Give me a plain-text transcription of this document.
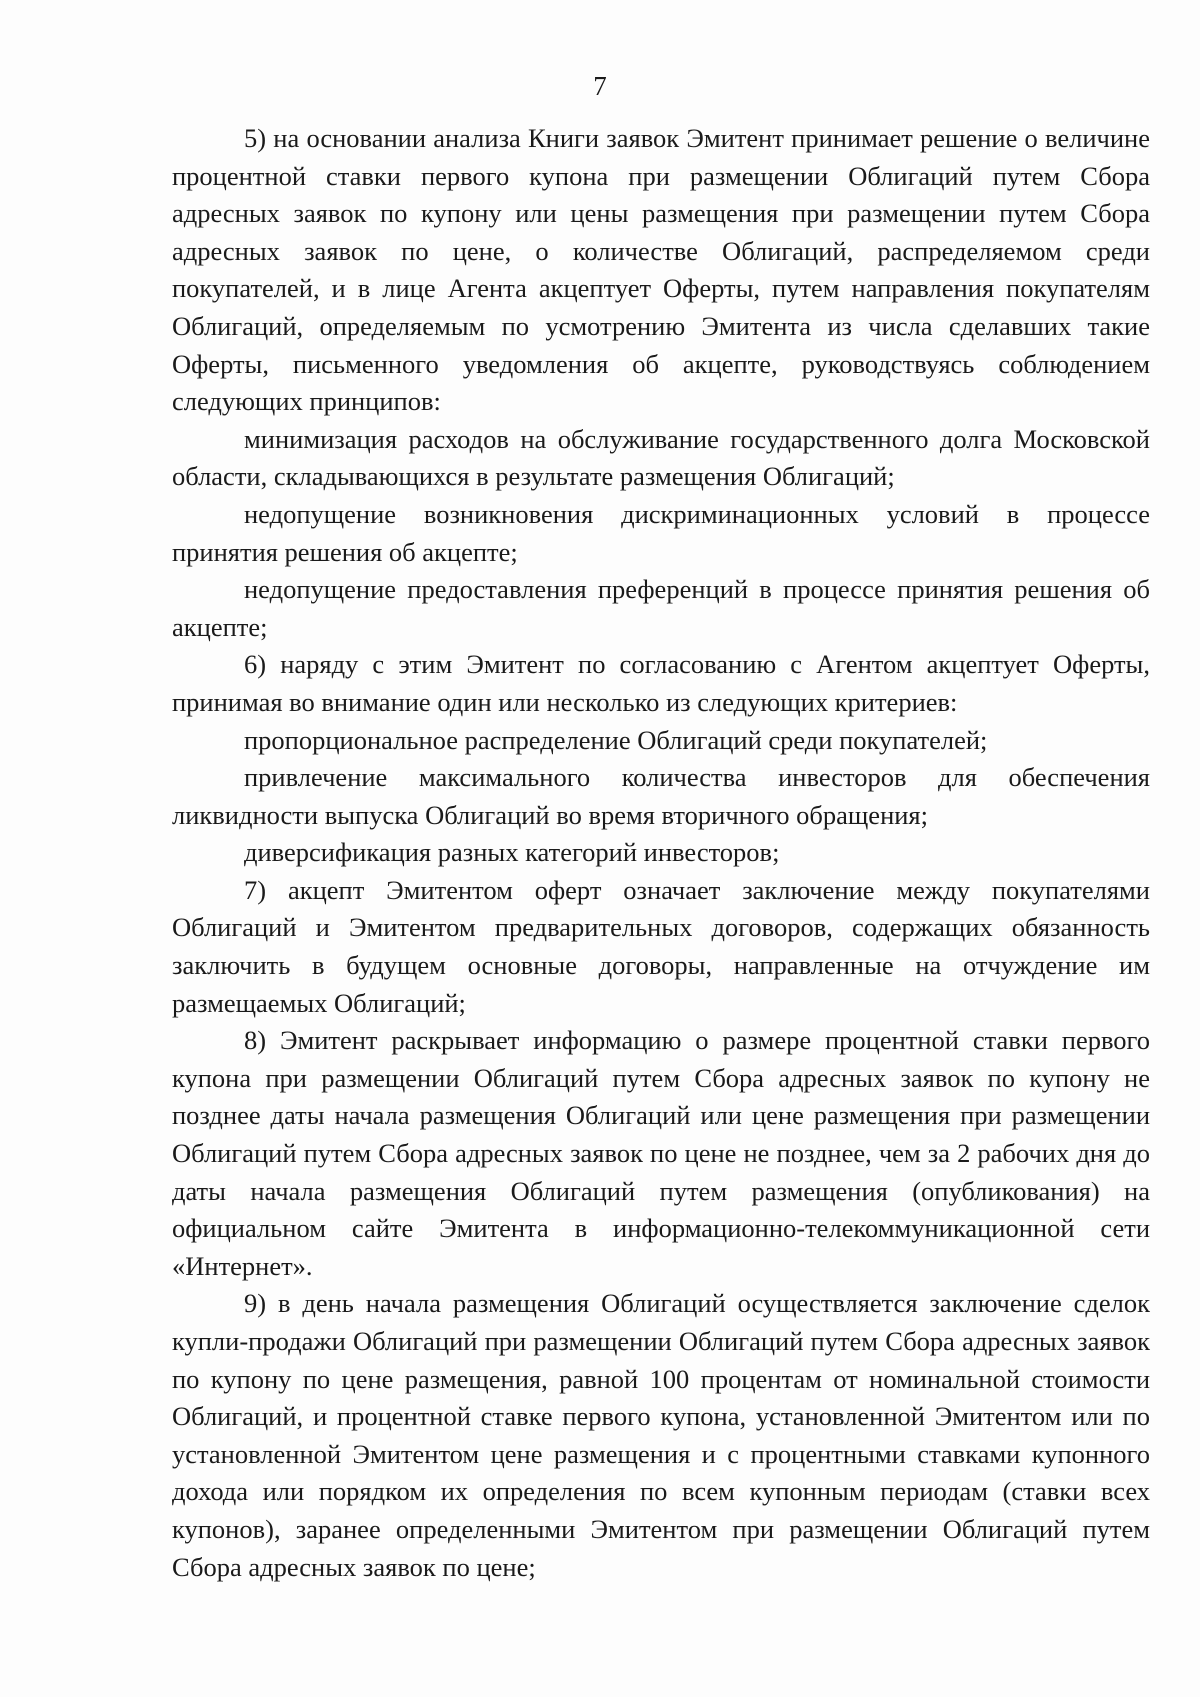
7

5) на основании анализа Книги заявок Эмитент принимает решение о величине процентной ставки первого купона при размещении Облигаций путем Сбора адресных заявок по купону или цены размещения при размещении путем Сбора адресных заявок по цене, о количестве Облигаций, распределяемом среди покупателей, и в лице Агента акцептует Оферты, путем направления покупателям Облигаций, определяемым по усмотрению Эмитента из числа сделавших такие Оферты, письменного уведомления об акцепте, руководствуясь соблюдением следующих принципов:

минимизация расходов на обслуживание государственного долга Московской области, складывающихся в результате размещения Облигаций;

недопущение возникновения дискриминационных условий в процессе принятия решения об акцепте;

недопущение предоставления преференций в процессе принятия решения об акцепте;

6) наряду с этим Эмитент по согласованию с Агентом акцептует Оферты, принимая во внимание один или несколько из следующих критериев:

пропорциональное распределение Облигаций среди покупателей;

привлечение максимального количества инвесторов для обеспечения ликвидности выпуска Облигаций во время вторичного обращения;

диверсификация разных категорий инвесторов;

7) акцепт Эмитентом оферт означает заключение между покупателями Облигаций и Эмитентом предварительных договоров, содержащих обязанность заключить в будущем основные договоры, направленные на отчуждение им размещаемых Облигаций;

8) Эмитент раскрывает информацию о размере процентной ставки первого купона при размещении Облигаций путем Сбора адресных заявок по купону не позднее даты начала размещения Облигаций или цене размещения при размещении Облигаций путем Сбора адресных заявок по цене не позднее, чем за 2 рабочих дня до даты начала размещения Облигаций путем размещения (опубликования) на официальном сайте Эмитента в информационно-телекоммуникационной сети «Интернет».

9) в день начала размещения Облигаций осуществляется заключение сделок купли-продажи Облигаций при размещении Облигаций путем Сбора адресных заявок по купону по цене размещения, равной 100 процентам от номинальной стоимости Облигаций, и процентной ставке первого купона, установленной Эмитентом или по установленной Эмитентом цене размещения и с процентными ставками купонного дохода или порядком их определения по всем купонным периодам (ставки всех купонов), заранее определенными Эмитентом при размещении Облигаций путем Сбора адресных заявок по цене;
